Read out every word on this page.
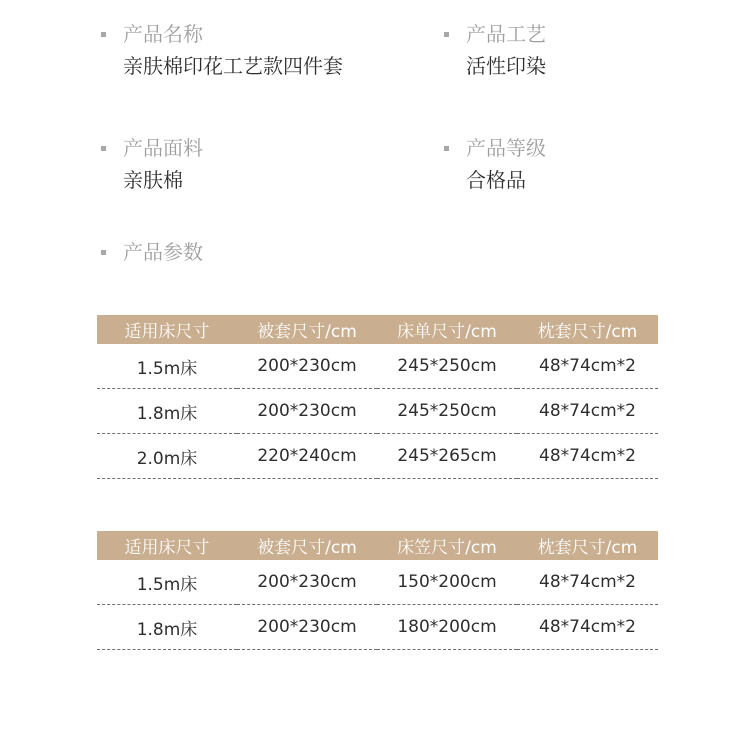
产品名称
亲肤棉印花工艺款四件套
产品工艺
活性印染
产品面料
亲肤棉
产品等级
合格品
产品参数
适用床尺寸	被套尺寸/cm	床单尺寸/cm	枕套尺寸/cm
1.5m床	200*230cm	245*250cm	48*74cm*2
1.8m床	200*230cm	245*250cm	48*74cm*2
2.0m床	220*240cm	245*265cm	48*74cm*2
适用床尺寸	被套尺寸/cm	床笠尺寸/cm	枕套尺寸/cm
1.5m床	200*230cm	150*200cm	48*74cm*2
1.8m床	200*230cm	180*200cm	48*74cm*2
